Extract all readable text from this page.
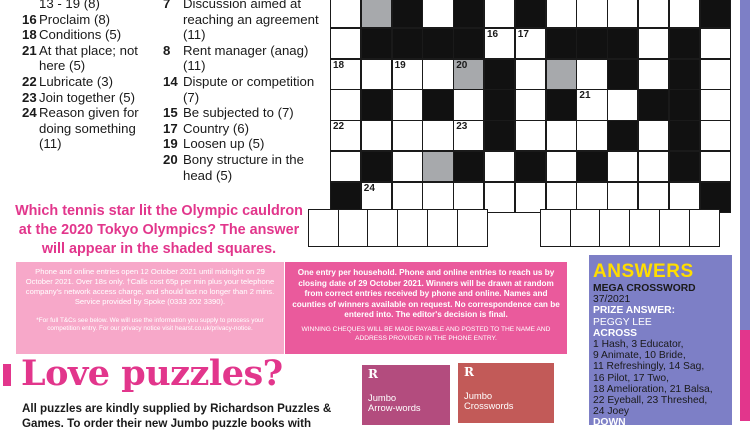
13 - 19 (8)
16 Proclaim (8)
18 Conditions (5)
21 At that place; not here (5)
22 Lubricate (3)
23 Join together (5)
24 Reason given for doing something (11)
7 Discussion aimed at reaching an agreement (11)
8 Rent manager (anag) (11)
14 Dispute or competition (7)
15 Be subjected to (7)
17 Country (6)
19 Loosen up (5)
20 Bony structure in the head (5)
16 17
18	19	20
21
22	23
24
Which tennis star lit the Olympic cauldron at the 2020 Tokyo Olympics? The answer will appear in the shaded squares.
Phone and online entries open 12 October 2021 until midnight on 29 October 2021. Over 18s only. †Calls cost 65p per min plus your telephone company's network access charge, and should last no longer than 2 mins. Service provided by Spoke (0333 202 3390).
*For full T&Cs see below. We will use the information you supply to process your competition entry. For our privacy notice visit hearst.co.uk/privacy-notice.
One entry per household. Phone and online entries to reach us by closing date of 29 October 2021. Winners will be drawn at random from correct entries received by phone and online. Names and counties of winners available on request. No correspondence can be entered into. The editor's decision is final.
WINNING CHEQUES WILL BE MADE PAYABLE AND POSTED TO THE NAME AND ADDRESS PROVIDED IN THE PHONE ENTRY.
ANSWERS
MEGA CROSSWORD
37/2021
PRIZE ANSWER:
PEGGY LEE
ACROSS
1 Hash, 3 Educator,
9 Animate, 10 Bride,
11 Refreshingly, 14 Sag,
16 Pilot, 17 Two,
18 Amelioration, 21 Balsa,
22 Eyeball, 23 Threshed,
24 Joey
DOWN
Love puzzles?
All puzzles are kindly supplied by Richardson Puzzles & Games. To order their new Jumbo puzzle books with
R
Jumbo
Arrow-words
R
Jumbo
Crosswords
